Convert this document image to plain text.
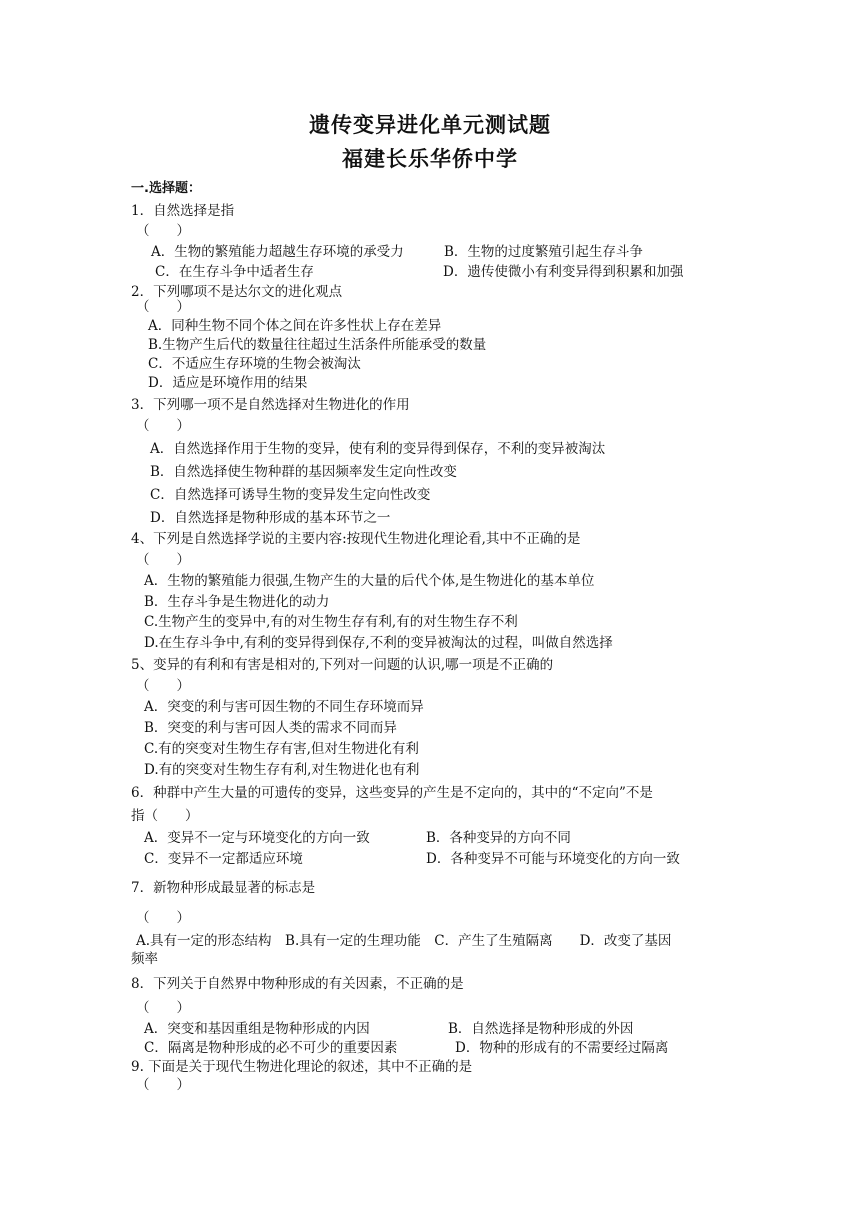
遗传变异进化单元测试题
福建长乐华侨中学
一.选择题：
1．自然选择是指
（　　）
A．生物的繁殖能力超越生存环境的承受力	B．生物的过度繁殖引起生存斗争
C．在生存斗争中适者生存	D．遗传使微小有利变异得到积累和加强
2．下列哪项不是达尔文的进化观点
（　　）
A．同种生物不同个体之间在许多性状上存在差异
B.生物产生后代的数量往往超过生活条件所能承受的数量
C．不适应生存环境的生物会被淘汰
D．适应是环境作用的结果
3．下列哪一项不是自然选择对生物进化的作用
（　　）
A．自然选择作用于生物的变异，使有利的变异得到保存，不利的变异被淘汰
B．自然选择使生物种群的基因频率发生定向性改变
C．自然选择可诱导生物的变异发生定向性改变
D．自然选择是物种形成的基本环节之一
4、下列是自然选择学说的主要内容:按现代生物进化理论看,其中不正确的是
（　　）
A．生物的繁殖能力很强,生物产生的大量的后代个体,是生物进化的基本单位
B．生存斗争是生物进化的动力
C.生物产生的变异中,有的对生物生存有利,有的对生物生存不利
D.在生存斗争中,有利的变异得到保存,不利的变异被淘汰的过程，叫做自然选择
5、变异的有利和有害是相对的,下列对一问题的认识,哪一项是不正确的
（　　）
A．突变的利与害可因生物的不同生存环境而异
B．突变的利与害可因人类的需求不同而异
C.有的突变对生物生存有害,但对生物进化有利
D.有的突变对生物生存有利,对生物进化也有利
6．种群中产生大量的可遗传的变异，这些变异的产生是不定向的，其中的“不定向”不是
指（　　）
A．变异不一定与环境变化的方向一致	B．各种变异的方向不同
C．变异不一定都适应环境	D．各种变异不可能与环境变化的方向一致
7．新物种形成最显著的标志是
（　　）
A.具有一定的形态结构　B.具有一定的生理功能　C．产生了生殖隔离　　D．改变了基因
频率
8．下列关于自然界中物种形成的有关因素，不正确的是
（　　）
A．突变和基因重组是物种形成的内因	B．自然选择是物种形成的外因
C．隔离是物种形成的必不可少的重要因素	D．物种的形成有的不需要经过隔离
9. 下面是关于现代生物进化理论的叙述，其中不正确的是
（　　）
